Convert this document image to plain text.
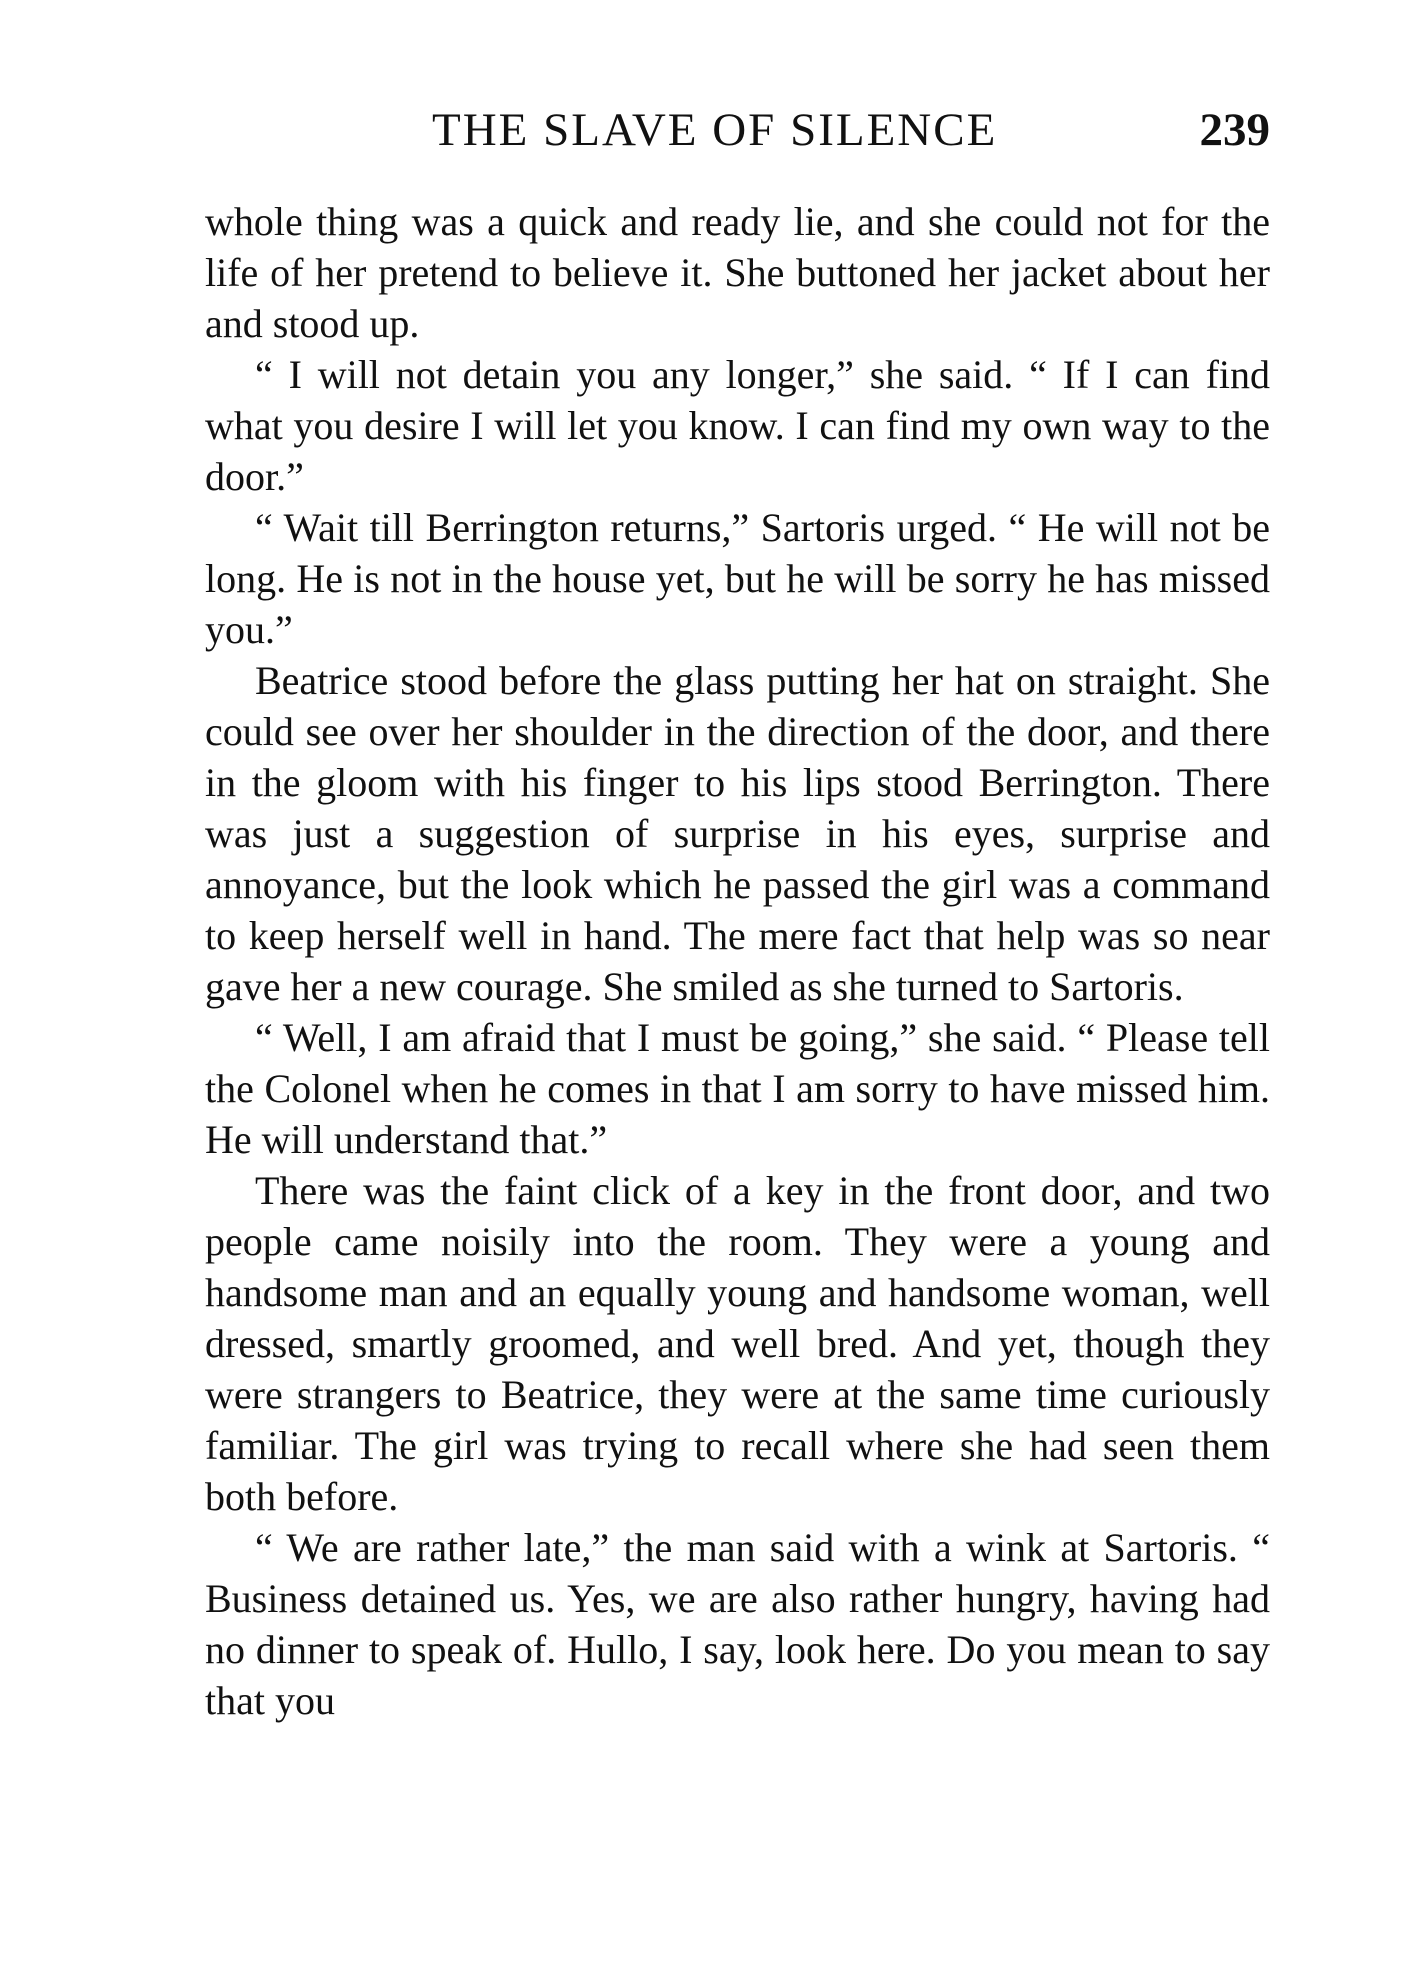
THE SLAVE OF SILENCE	239

whole thing was a quick and ready lie, and she could not for the life of her pretend to believe it. She buttoned her jacket about her and stood up.

“ I will not detain you any longer,” she said. “ If I can find what you desire I will let you know. I can find my own way to the door.”

“ Wait till Berrington returns,” Sartoris urged. “ He will not be long. He is not in the house yet, but he will be sorry he has missed you.”

Beatrice stood before the glass putting her hat on straight. She could see over her shoulder in the direction of the door, and there in the gloom with his finger to his lips stood Berrington. There was just a suggestion of surprise in his eyes, surprise and annoyance, but the look which he passed the girl was a command to keep herself well in hand. The mere fact that help was so near gave her a new courage. She smiled as she turned to Sartoris.

“ Well, I am afraid that I must be going,” she said. “ Please tell the Colonel when he comes in that I am sorry to have missed him. He will understand that.”

There was the faint click of a key in the front door, and two people came noisily into the room. They were a young and handsome man and an equally young and handsome woman, well dressed, smartly groomed, and well bred. And yet, though they were strangers to Beatrice, they were at the same time curiously familiar. The girl was trying to recall where she had seen them both before.

“ We are rather late,” the man said with a wink at Sartoris. “ Business detained us. Yes, we are also rather hungry, having had no dinner to speak of. Hullo, I say, look here. Do you mean to say that you
